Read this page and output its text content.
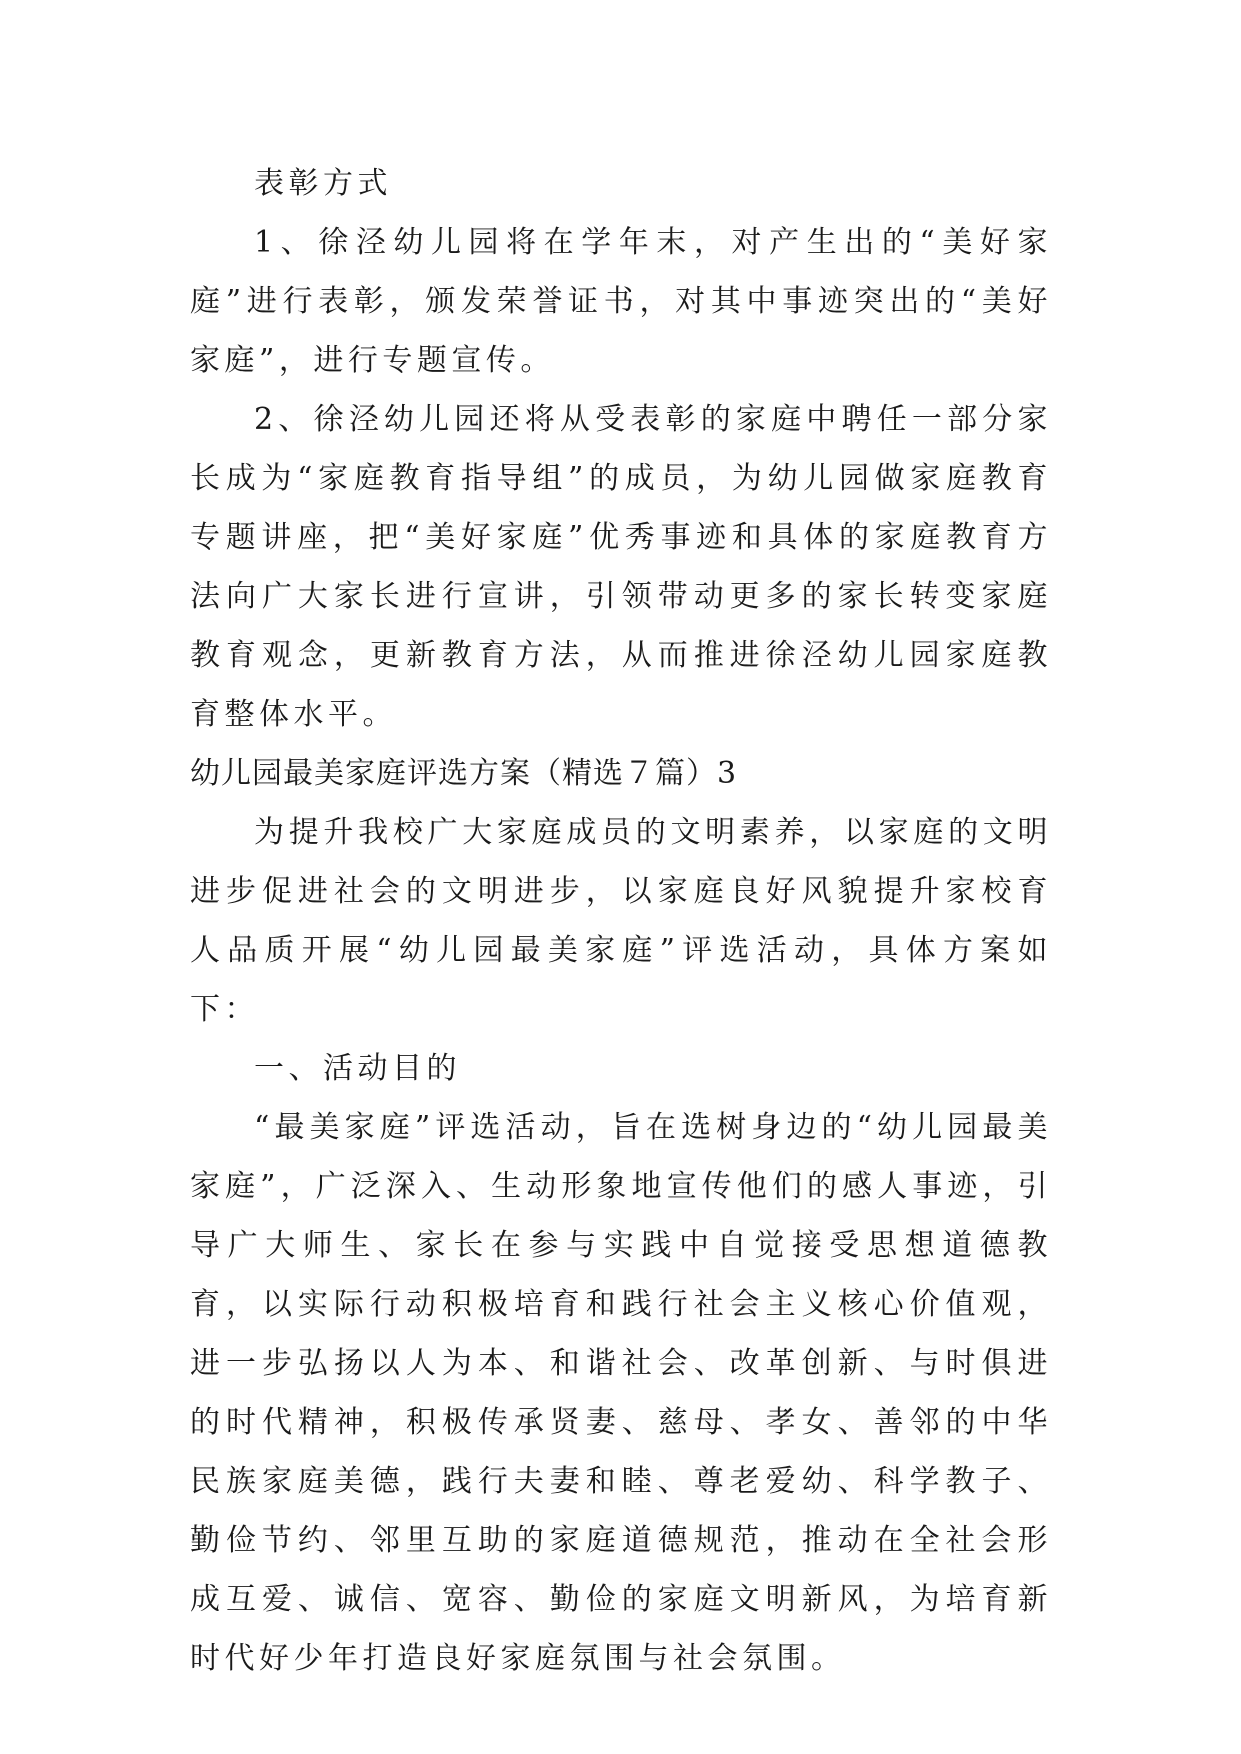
表彰方式

1、徐泾幼儿园将在学年末，对产生出的“美好家庭”进行表彰，颁发荣誉证书，对其中事迹突出的“美好家庭”，进行专题宣传。

2、徐泾幼儿园还将从受表彰的家庭中聘任一部分家长成为“家庭教育指导组”的成员，为幼儿园做家庭教育专题讲座，把“美好家庭”优秀事迹和具体的家庭教育方法向广大家长进行宣讲，引领带动更多的家长转变家庭教育观念，更新教育方法，从而推进徐泾幼儿园家庭教育整体水平。

幼儿园最美家庭评选方案（精选７篇）3

为提升我校广大家庭成员的文明素养，以家庭的文明进步促进社会的文明进步，以家庭良好风貌提升家校育人品质开展“幼儿园最美家庭”评选活动，具体方案如下：

一、活动目的

“最美家庭”评选活动，旨在选树身边的“幼儿园最美家庭”，广泛深入、生动形象地宣传他们的感人事迹，引导广大师生、家长在参与实践中自觉接受思想道德教育，以实际行动积极培育和践行社会主义核心价值观，进一步弘扬以人为本、和谐社会、改革创新、与时俱进的时代精神，积极传承贤妻、慈母、孝女、善邻的中华民族家庭美德，践行夫妻和睦、尊老爱幼、科学教子、勤俭节约、邻里互助的家庭道德规范，推动在全社会形成互爱、诚信、宽容、勤俭的家庭文明新风，为培育新时代好少年打造良好家庭氛围与社会氛围。
